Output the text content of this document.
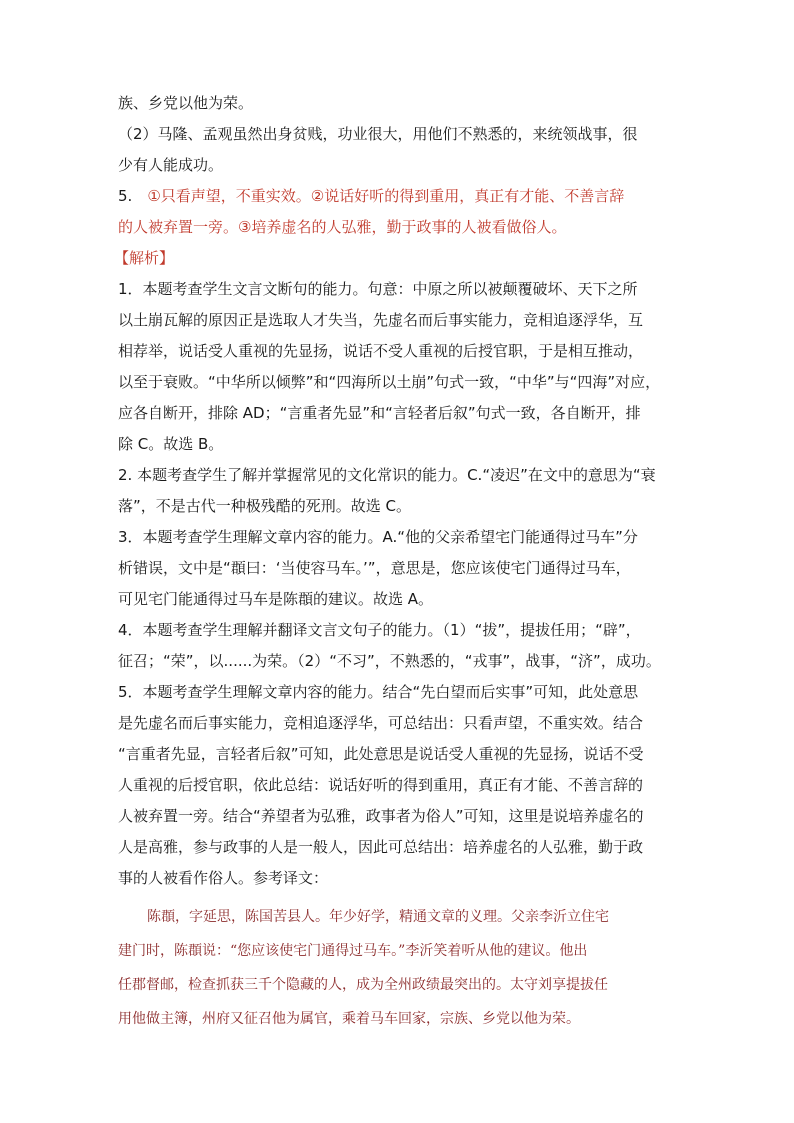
族、乡党以他为荣。
（2）马隆、孟观虽然出身贫贱，功业很大，用他们不熟悉的，来统领战事，很
少有人能成功。
5.  ①只看声望，不重实效。②说话好听的得到重用，真正有才能、不善言辞
的人被弃置一旁。③培养虚名的人弘雅，勤于政事的人被看做俗人。
【解析】
1．本题考查学生文言文断句的能力。句意：中原之所以被颠覆破坏、天下之所
以土崩瓦解的原因正是选取人才失当，先虚名而后事实能力，竞相追逐浮华，互
相荐举，说话受人重视的先显扬，说话不受人重视的后授官职，于是相互推动，
以至于衰败。“中华所以倾弊”和“四海所以土崩”句式一致，“中华”与“四海”对应，
应各自断开，排除 AD；“言重者先显”和“言轻者后叙”句式一致，各自断开，排
除 C。故选 B。
2. 本题考查学生了解并掌握常见的文化常识的能力。C.“凌迟”在文中的意思为“衰
落”，不是古代一种极残酷的死刑。故选 C。
3．本题考查学生理解文章内容的能力。A.“他的父亲希望宅门能通得过马车”分
析错误，文中是“頵曰：‘当使容马车。’”，意思是，您应该使宅门通得过马车，
可见宅门能通得过马车是陈頵的建议。故选 A。
4．本题考查学生理解并翻译文言文句子的能力。（1）“拔”，提拔任用；“辟”，
征召；“荣”，以......为荣。（2）“不习”，不熟悉的，“戎事”，战事，“济”，成功。
5．本题考查学生理解文章内容的能力。结合“先白望而后实事”可知，此处意思
是先虚名而后事实能力，竞相追逐浮华，可总结出：只看声望，不重实效。结合
“言重者先显，言轻者后叙”可知，此处意思是说话受人重视的先显扬，说话不受
人重视的后授官职，依此总结：说话好听的得到重用，真正有才能、不善言辞的
人被弃置一旁。结合“养望者为弘雅，政事者为俗人”可知，这里是说培养虚名的
人是高雅，参与政事的人是一般人，因此可总结出：培养虚名的人弘雅，勤于政
事的人被看作俗人。参考译文：
陈頵，字延思，陈国苦县人。年少好学，精通文章的义理。父亲李沂立住宅
建门时，陈頵说：“您应该使宅门通得过马车。”李沂笑着听从他的建议。他出
任郡督邮，检查抓获三千个隐藏的人，成为全州政绩最突出的。太守刘享提拔任
用他做主簿，州府又征召他为属官，乘着马车回家，宗族、乡党以他为荣。
